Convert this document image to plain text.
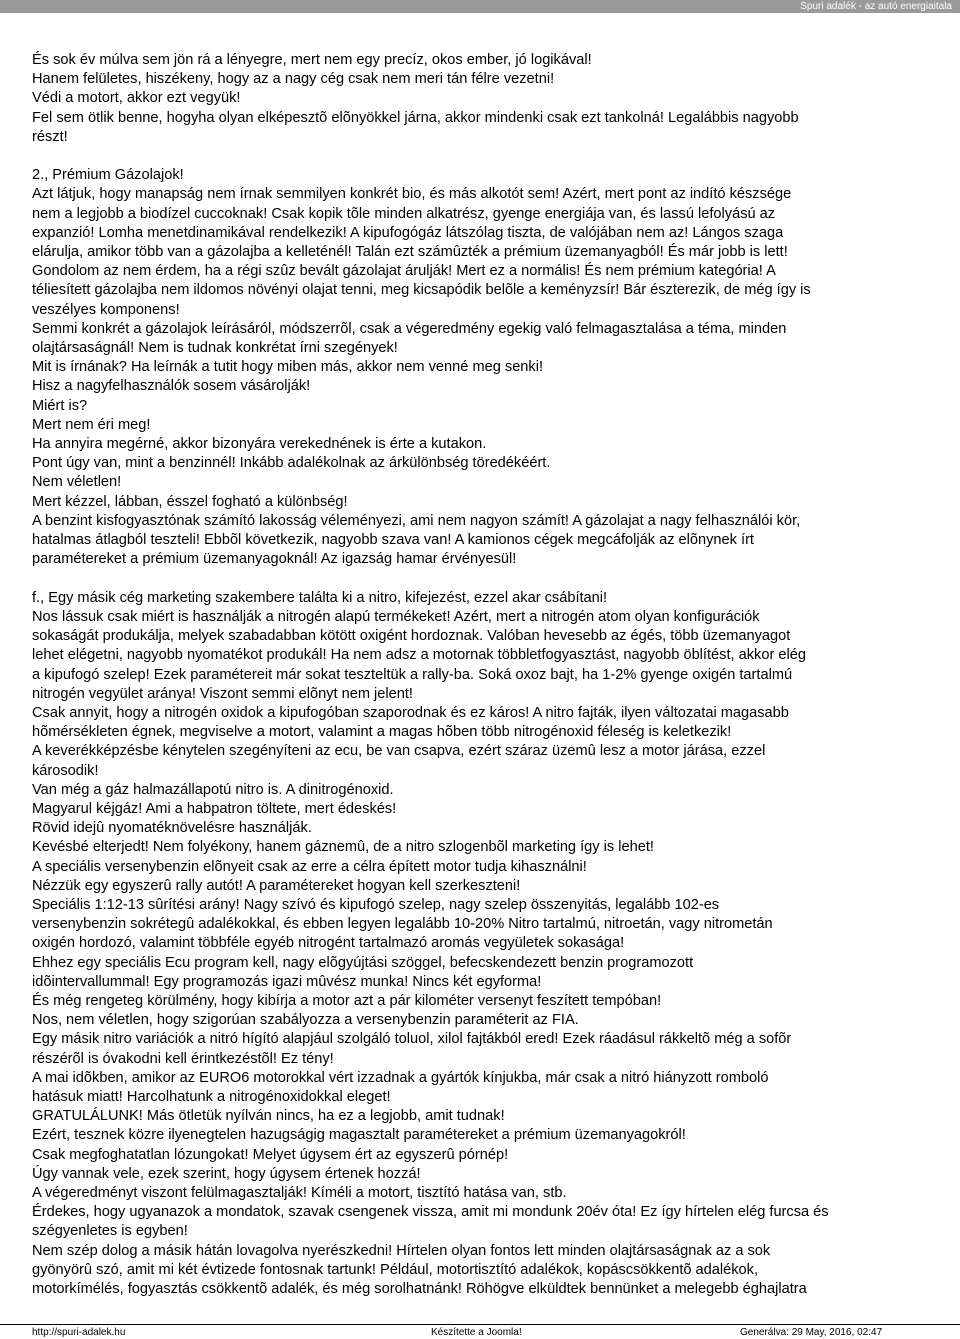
Spuri adalék - az autó energiaitala

És sok év múlva sem jön rá a lényegre, mert nem egy precíz, okos ember, jó logikával!

Hanem felületes, hiszékeny, hogy az a nagy cég csak nem meri tán félre vezetni!

Védi a motort, akkor ezt vegyük!

Fel sem ötlik benne, hogyha olyan elképesztõ elõnyökkel járna, akkor mindenki csak ezt tankolná! Legalábbis nagyobb

részt!

2., Prémium Gázolajok!

Azt látjuk, hogy manapság nem írnak semmilyen konkrét bio, és más alkotót sem! Azért, mert pont az indító készsége

nem a legjobb a biodízel cuccoknak! Csak kopik tõle minden alkatrész, gyenge energiája van, és lassú lefolyású az

expanzió! Lomha menetdinamikával rendelkezik! A kipufogógáz látszólag tiszta, de valójában nem az! Lángos szaga

elárulja, amikor több van a gázolajba a kelleténél! Talán ezt számûzték a prémium üzemanyagból! És már jobb is lett!

Gondolom az nem érdem, ha a régi szûz bevált gázolajat árulják! Mert ez a normális! És nem prémium kategória! A

téliesített gázolajba nem ildomos növényi olajat tenni, meg kicsapódik belõle a keményzsír! Bár észterezik, de még így is

veszélyes komponens!

Semmi konkrét a gázolajok leírásáról, módszerrõl, csak a végeredmény egekig való felmagasztalása a téma, minden

olajtársaságnál! Nem is tudnak konkrétat írni szegények!

Mit is írnának? Ha leírnák a tutit hogy miben más, akkor nem venné meg senki!

Hisz a nagyfelhasználók sosem vásárolják!

Miért is?

Mert nem éri meg!

Ha annyira megérné, akkor bizonyára verekednének is érte a kutakon.

Pont úgy van, mint a benzinnél! Inkább adalékolnak az árkülönbség töredékéért.

Nem véletlen!

Mert kézzel, lábban, ésszel fogható a különbség!

A benzint kisfogyasztónak számító lakosság véleményezi, ami nem nagyon számít! A gázolajat a nagy felhasználói kör,

hatalmas átlagból teszteli! Ebbõl következik, nagyobb szava van! A kamionos cégek megcáfolják az elõnynek írt

paramétereket a prémium üzemanyagoknál! Az igazság hamar érvényesül!

f., Egy másik cég marketing szakembere találta ki a nitro, kifejezést, ezzel akar csábítani!

Nos lássuk csak miért is használják a nitrogén alapú termékeket! Azért, mert a nitrogén atom olyan konfigurációk

sokaságát produkálja, melyek szabadabban kötött oxigént hordoznak. Valóban hevesebb az égés, több üzemanyagot

lehet elégetni, nagyobb nyomatékot produkál! Ha nem adsz a motornak többletfogyasztást, nagyobb öblítést, akkor elég

a kipufogó szelep! Ezek paramétereit már sokat teszteltük a rally-ba. Soká oxoz bajt, ha 1-2% gyenge oxigén tartalmú

nitrogén vegyület aránya! Viszont semmi elõnyt nem jelent!

Csak annyit, hogy a nitrogén oxidok a kipufogóban szaporodnak és ez káros! A nitro fajták, ilyen változatai magasabb

hõmérsékleten égnek, megviselve a motort, valamint a magas hõben több nitrogénoxid féleség is keletkezik!

A keverékképzésbe kénytelen szegényíteni az ecu, be van csapva, ezért száraz üzemû lesz a motor járása, ezzel

károsodik!

Van még a gáz halmazállapotú nitro is. A dinitrogénoxid.

Magyarul kéjgáz! Ami a habpatron töltete, mert édeskés!

Rövid idejû nyomatéknövelésre használják.

Kevésbé elterjedt! Nem folyékony, hanem gáznemû, de a nitro szlogenbõl marketing így is lehet!

A speciális versenybenzin elõnyeit csak az erre a célra épített motor tudja kihasználni!

Nézzük egy egyszerû rally autót! A paramétereket hogyan kell szerkeszteni!

Speciális 1:12-13 sûrítési arány! Nagy szívó és kipufogó szelep, nagy szelep összenyitás, legalább 102-es

versenybenzin sokrétegû adalékokkal, és ebben legyen legalább 10-20% Nitro tartalmú, nitroetán, vagy nitrometán

oxigén hordozó, valamint többféle egyéb nitrogént tartalmazó aromás vegyületek sokasága!

Ehhez egy speciális Ecu program kell, nagy elõgyújtási szöggel, befecskendezett benzin programozott

idõintervallummal! Egy programozás igazi mûvész munka! Nincs két egyforma!

És még rengeteg körülmény, hogy kibírja a motor azt a pár kilométer versenyt feszített tempóban!

Nos, nem véletlen, hogy szigorúan szabályozza a versenybenzin paraméterit az FIA.

Egy másik nitro variációk a nitró hígító alapjául szolgáló toluol, xilol fajtákból ered! Ezek ráadásul rákkeltõ még a sofõr

részérõl is óvakodni kell érintkezéstõl! Ez tény!

A mai idõkben, amikor az EURO6 motorokkal vért izzadnak a gyártók kínjukba, már csak a nitró hiányzott romboló

hatásuk miatt! Harcolhatunk a nitrogénoxidokkal eleget!

GRATULÁLUNK! Más ötletük nyílván nincs, ha ez a legjobb, amit tudnak!

Ezért, tesznek közre ilyenegtelen hazugságig magasztalt paramétereket a prémium üzemanyagokról!

Csak megfoghatatlan lózungokat! Melyet úgysem ért az egyszerû pórnép!

Úgy vannak vele, ezek szerint, hogy úgysem értenek hozzá!

A végeredményt viszont felülmagasztalják! Kíméli a motort, tisztító hatása van, stb.

Érdekes, hogy ugyanazok a mondatok, szavak csengenek vissza, amit mi mondunk 20év óta! Ez így hírtelen elég furcsa és

szégyenletes is egyben!

Nem szép dolog a másik hátán lovagolva nyerészkedni! Hírtelen olyan fontos lett minden olajtársaságnak az a sok

gyönyörû szó, amit mi két évtizede fontosnak tartunk! Például, motortisztító adalékok, kopáscsökkentõ adalékok,

motorkímélés, fogyasztás csökkentõ adalék, és még sorolhatnánk! Röhögve elküldtek bennünket a melegebb éghajlatra

http://spuri-adalek.hu	Készítette a Joomla!	Generálva: 29 May, 2016, 02:47
